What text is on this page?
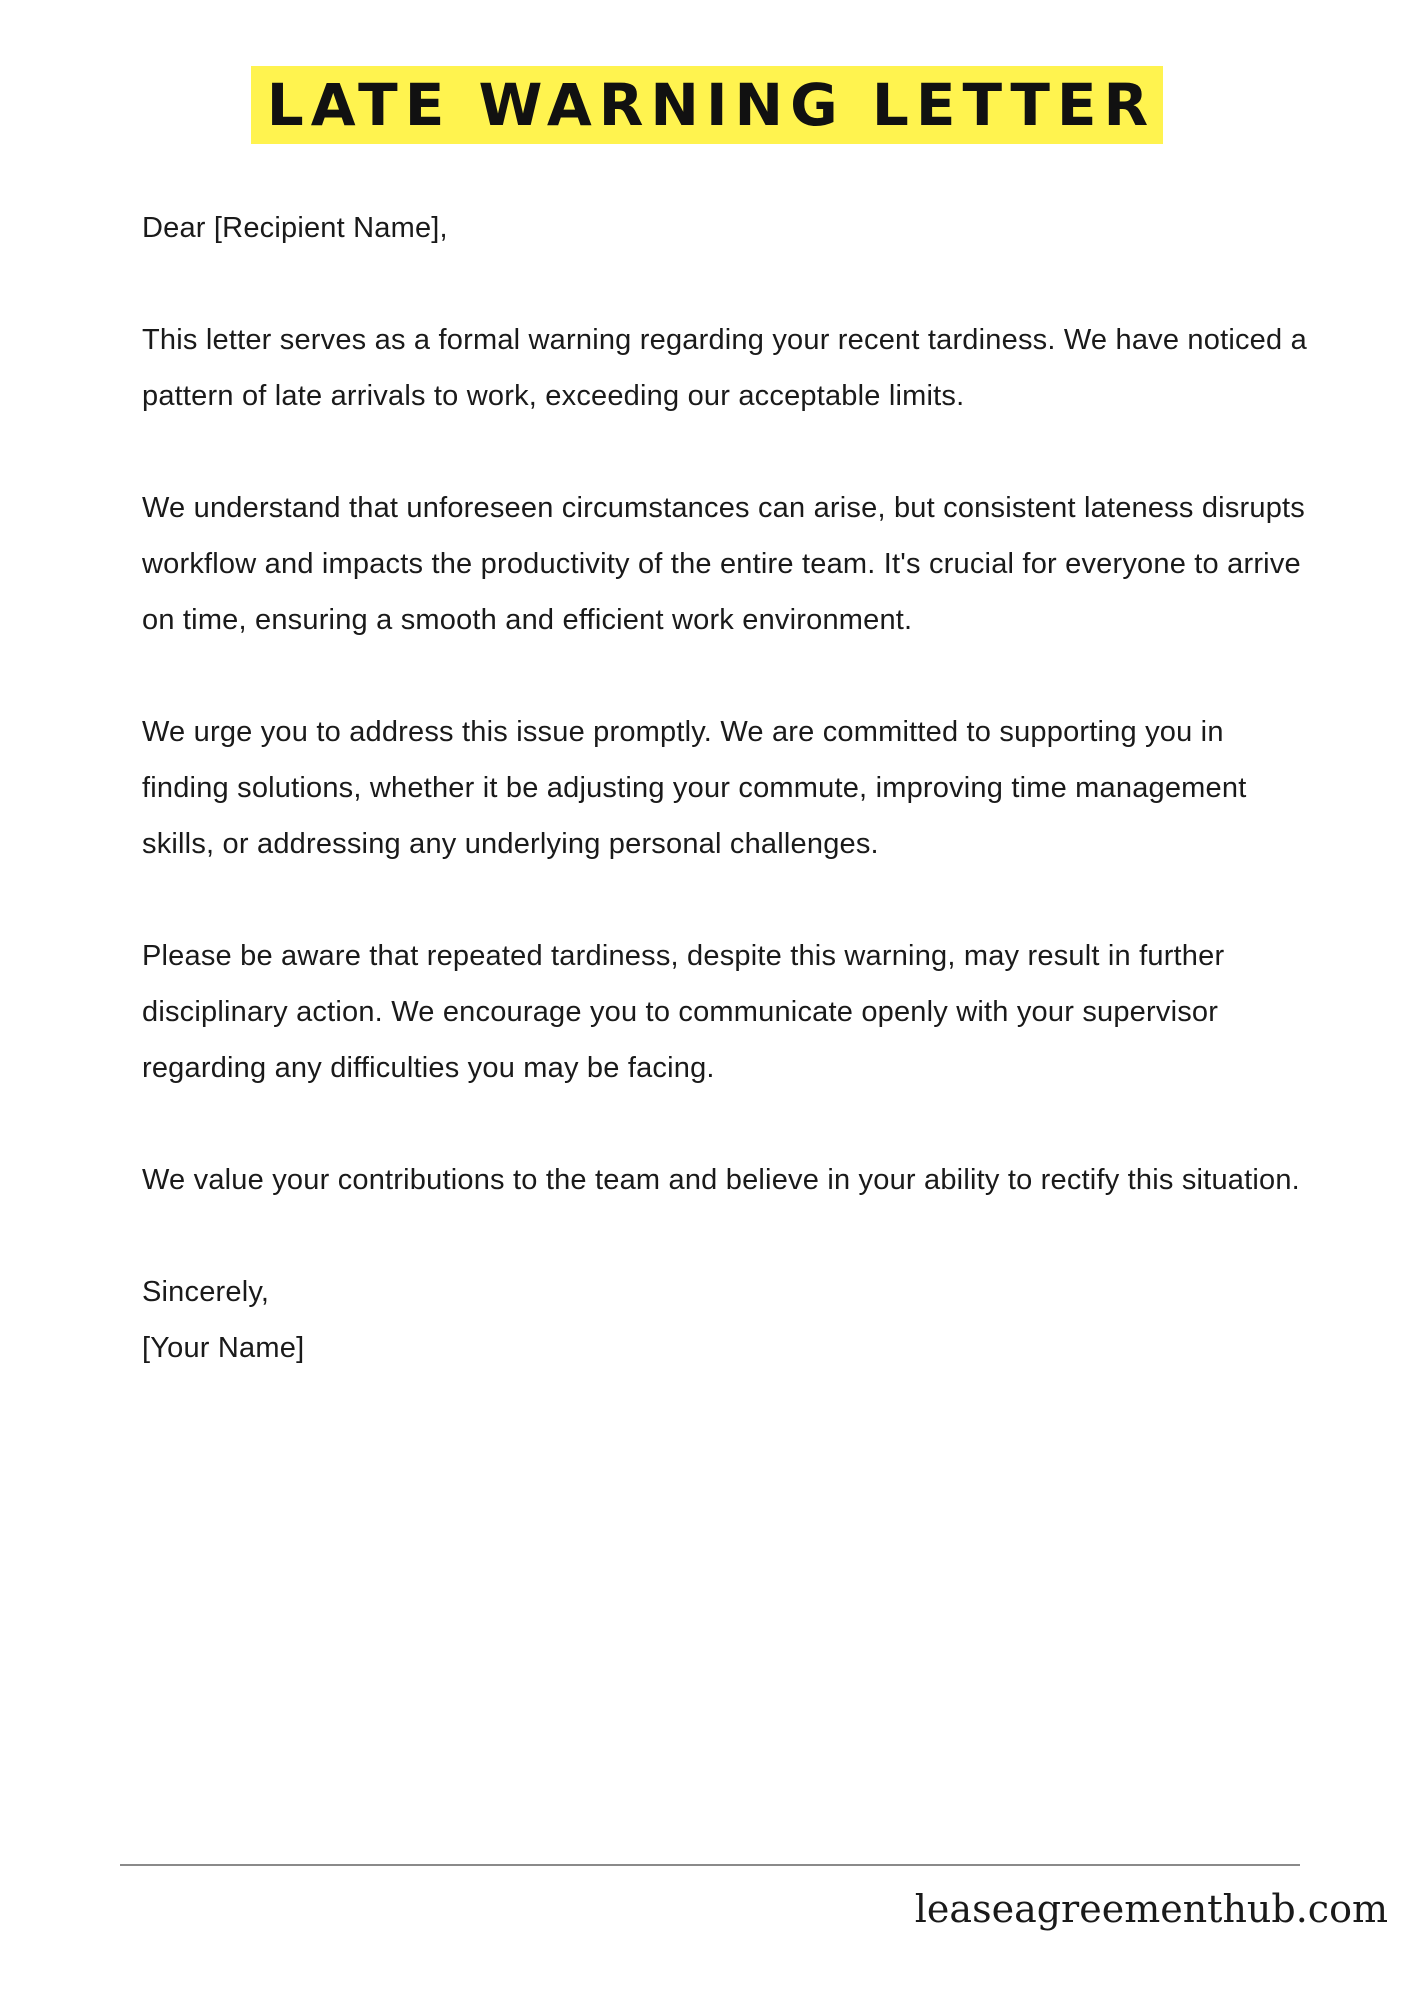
LATE WARNING LETTER

Dear [Recipient Name],

This letter serves as a formal warning regarding your recent tardiness. We have noticed a pattern of late arrivals to work, exceeding our acceptable limits.

We understand that unforeseen circumstances can arise, but consistent lateness disrupts workflow and impacts the productivity of the entire team. It's crucial for everyone to arrive on time, ensuring a smooth and efficient work environment.

We urge you to address this issue promptly. We are committed to supporting you in finding solutions, whether it be adjusting your commute, improving time management skills, or addressing any underlying personal challenges.

Please be aware that repeated tardiness, despite this warning, may result in further disciplinary action. We encourage you to communicate openly with your supervisor regarding any difficulties you may be facing.

We value your contributions to the team and believe in your ability to rectify this situation.

Sincerely,

[Your Name]

leaseagreementhub.com
